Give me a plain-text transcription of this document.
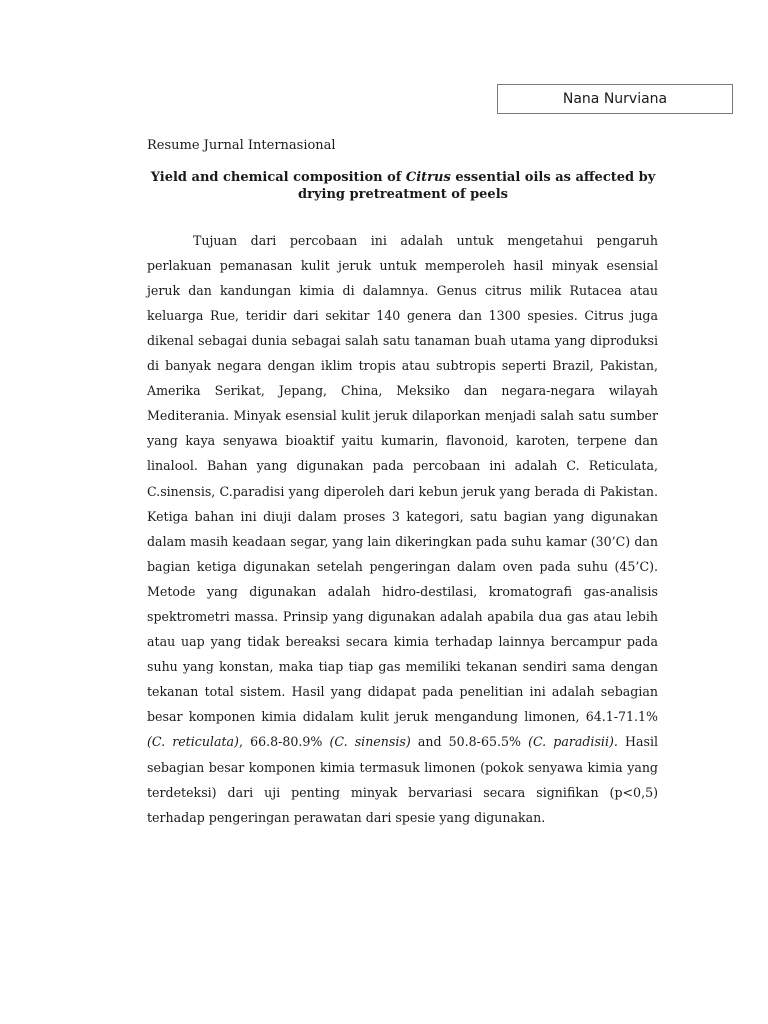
Nana Nurviana
Resume Jurnal Internasional
Yield and chemical composition of Citrus essential oils as affected by drying pretreatment of peels

Tujuan dari percobaan ini adalah untuk mengetahui pengaruh perlakuan pemanasan kulit jeruk untuk memperoleh hasil minyak esensial jeruk dan kandungan kimia di dalamnya. Genus citrus milik Rutacea atau keluarga Rue, teridir dari sekitar 140 genera dan 1300 spesies. Citrus juga dikenal sebagai dunia sebagai salah satu tanaman buah utama yang diproduksi di banyak negara dengan iklim tropis atau subtropis seperti Brazil, Pakistan, Amerika Serikat, Jepang, China, Meksiko dan negara-negara wilayah Mediterania. Minyak esensial kulit jeruk dilaporkan menjadi salah satu sumber yang kaya senyawa bioaktif yaitu kumarin, flavonoid, karoten, terpene dan linalool. Bahan yang digunakan pada percobaan ini adalah C. Reticulata, C.sinensis, C.paradisi yang diperoleh dari kebun jeruk yang berada di Pakistan. Ketiga bahan ini diuji dalam proses 3 kategori, satu bagian yang digunakan dalam masih keadaan segar, yang lain dikeringkan pada suhu kamar (30’C) dan bagian ketiga digunakan setelah pengeringan dalam oven pada suhu (45’C). Metode yang digunakan adalah hidro-destilasi, kromatografi gas-analisis spektrometri massa. Prinsip yang digunakan adalah apabila dua gas atau lebih atau uap yang tidak bereaksi secara kimia terhadap lainnya bercampur pada suhu yang konstan, maka tiap tiap gas memiliki tekanan sendiri sama dengan tekanan total sistem. Hasil yang didapat pada penelitian ini adalah sebagian besar komponen kimia didalam kulit jeruk mengandung limonen, 64.1-71.1% (C. reticulata), 66.8-80.9% (C. sinensis) and 50.8-65.5% (C. paradisii). Hasil sebagian besar komponen kimia termasuk limonen (pokok senyawa kimia yang terdeteksi) dari uji penting minyak bervariasi secara signifikan (p<0,5) terhadap pengeringan perawatan dari spesie yang digunakan.
